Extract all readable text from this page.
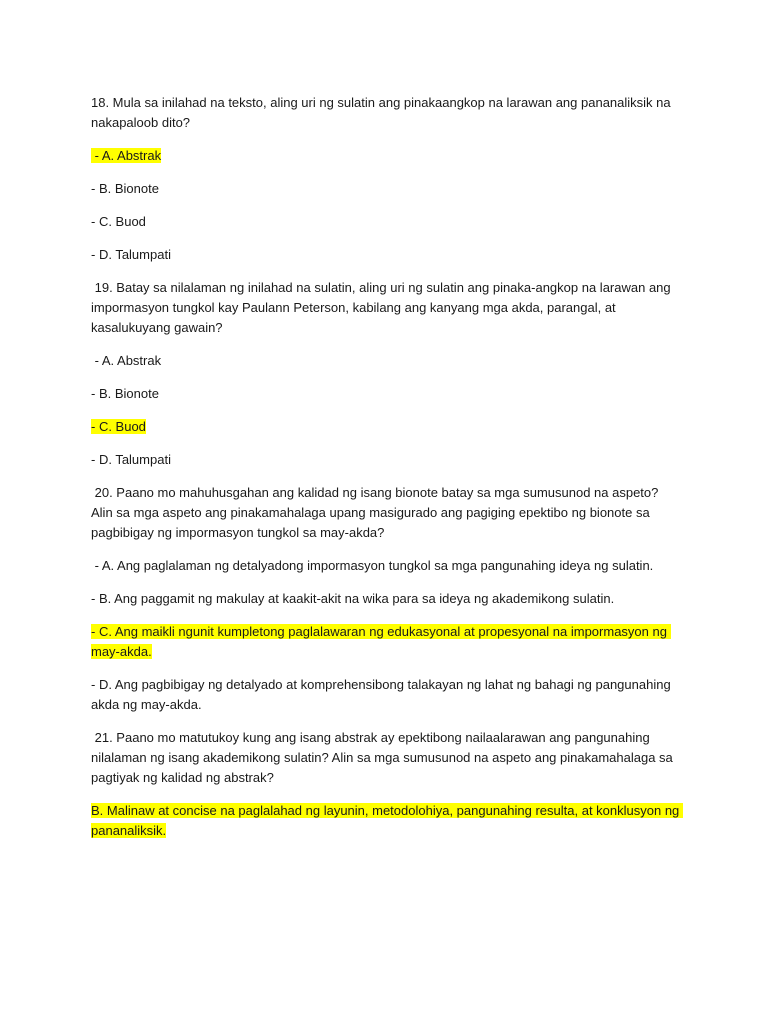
18. Mula sa inilahad na teksto, aling uri ng sulatin ang pinakaangkop na larawan ang pananaliksik na nakapaloob dito?

- A. Abstrak

- B. Bionote

- C. Buod

- D. Talumpati

19. Batay sa nilalaman ng inilahad na sulatin, aling uri ng sulatin ang pinaka-angkop na larawan ang impormasyon tungkol kay Paulann Peterson, kabilang ang kanyang mga akda, parangal, at kasalukuyang gawain?

- A. Abstrak

- B. Bionote

- C. Buod

- D. Talumpati

20. Paano mo mahuhusgahan ang kalidad ng isang bionote batay sa mga sumusunod na aspeto? Alin sa mga aspeto ang pinakamahalaga upang masigurado ang pagiging epektibo ng bionote sa pagbibigay ng impormasyon tungkol sa may-akda?

- A. Ang paglalaman ng detalyadong impormasyon tungkol sa mga pangunahing ideya ng sulatin.

- B. Ang paggamit ng makulay at kaakit-akit na wika para sa ideya ng akademikong sulatin.

- C. Ang maikli ngunit kumpletong paglalawaran ng edukasyonal at propesyonal na impormasyon ng may-akda.

- D. Ang pagbibigay ng detalyado at komprehensibong talakayan ng lahat ng bahagi ng pangunahing akda ng may-akda.

21. Paano mo matutukoy kung ang isang abstrak ay epektibong nailaalarawan ang pangunahing nilalaman ng isang akademikong sulatin? Alin sa mga sumusunod na aspeto ang pinakamahalaga sa pagtiyak ng kalidad ng abstrak?

B. Malinaw at concise na paglalahad ng layunin, metodolohiya, pangunahing resulta, at konklusyon ng pananaliksik.
